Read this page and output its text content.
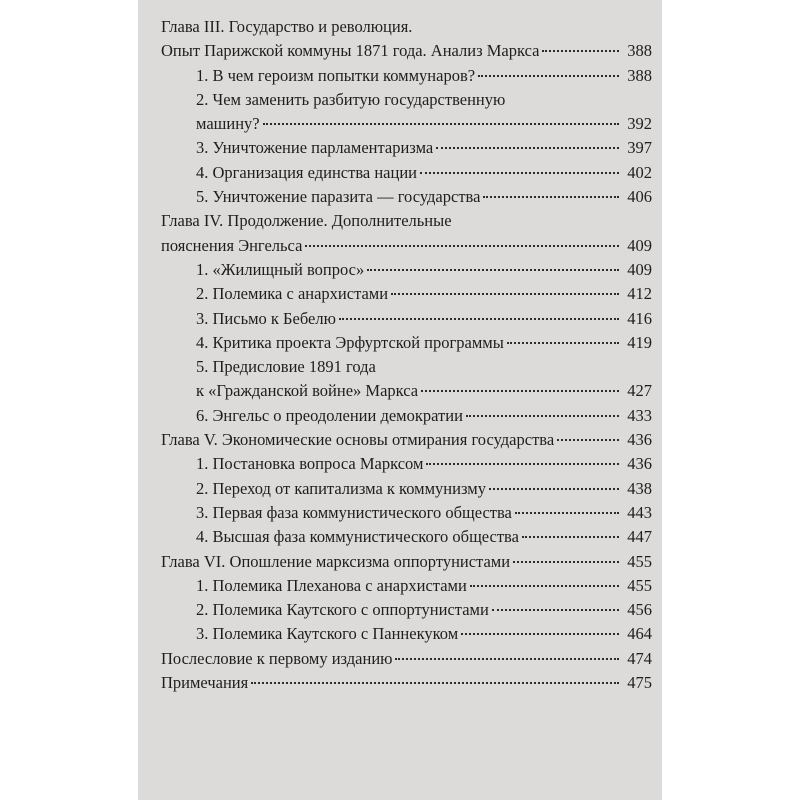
Глава III. Государство и революция.
Опыт Парижской коммуны 1871 года. Анализ Маркса	388
1. В чем героизм попытки коммунаров?	388
2. Чем заменить разбитую государственную
машину?	392
3. Уничтожение парламентаризма	397
4. Организация единства нации	402
5. Уничтожение паразита — государства	406
Глава IV. Продолжение. Дополнительные
пояснения Энгельса	409
1. «Жилищный вопрос»	409
2. Полемика с анархистами	412
3. Письмо к Бебелю	416
4. Критика проекта Эрфуртской программы	419
5. Предисловие 1891 года
к «Гражданской войне» Маркса	427
6. Энгельс о преодолении демократии	433
Глава V. Экономические основы отмирания государства	436
1. Постановка вопроса Марксом	436
2. Переход от капитализма к коммунизму	438
3. Первая фаза коммунистического общества	443
4. Высшая фаза коммунистического общества	447
Глава VI. Опошление марксизма оппортунистами	455
1. Полемика Плеханова с анархистами	455
2. Полемика Каутского с оппортунистами	456
3. Полемика Каутского с Паннекуком	464
Послесловие к первому изданию	474
Примечания	475
